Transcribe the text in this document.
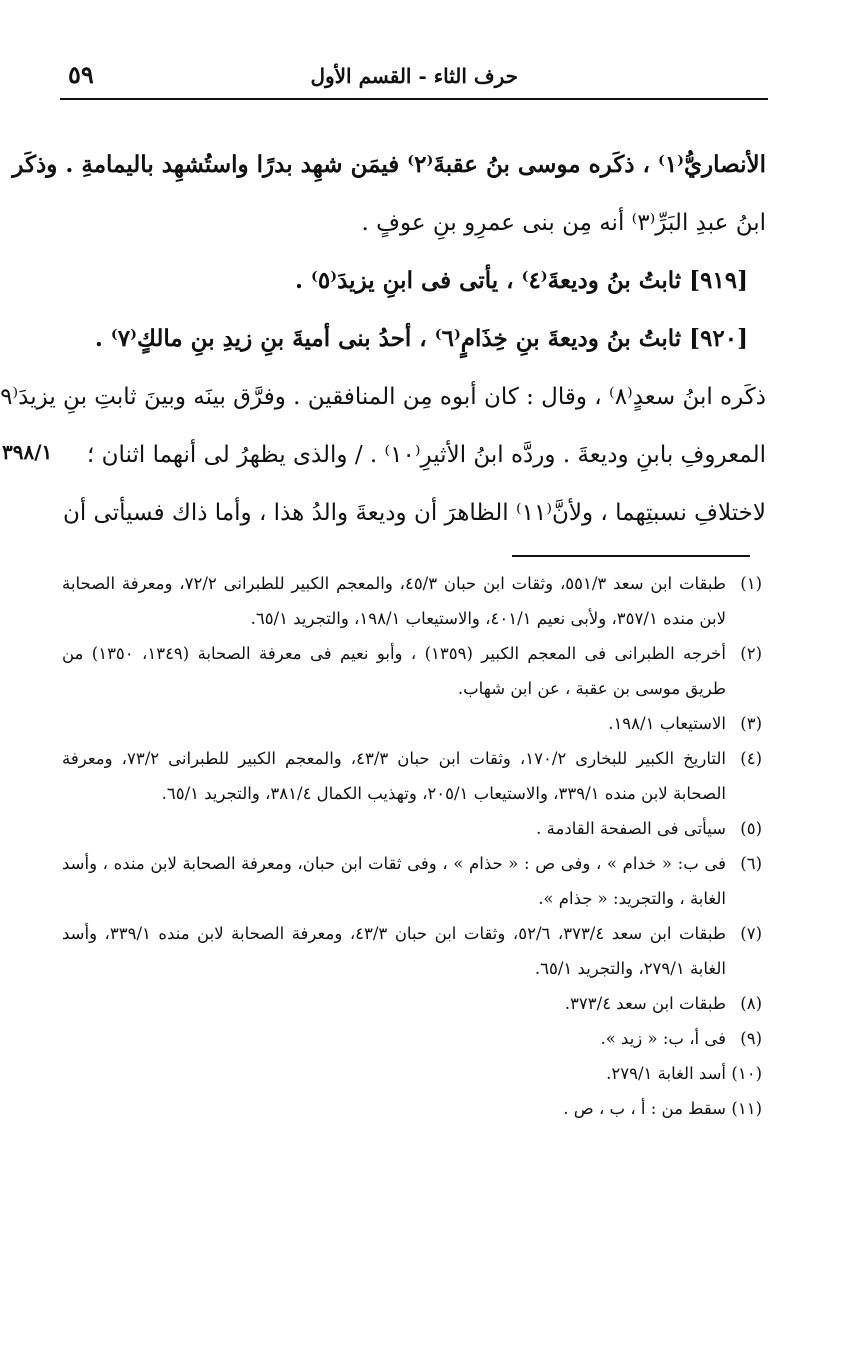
٥٩	حرف الثاء - القسم الأول
الأنصاريُّ⁽١⁾ ، ذكَره موسى بنُ عقبةَ⁽٢⁾ فيمَن شهِد بدرًا واستُشهِد باليمامةِ . وذكَر
ابنُ عبدِ البَرِّ⁽٣⁾ أنه مِن بنى عمرِو بنِ عوفٍ .
[٩١٩] ثابتُ بنُ وديعةَ⁽٤⁾ ، يأتى فى ابنِ يزيدَ⁽٥⁾ .
[٩٢٠] ثابتُ بنُ وديعةَ بنِ خِذَامٍ⁽٦⁾ ، أحدُ بنى أميةَ بنِ زيدِ بنِ مالكٍ⁽٧⁾ .
ذكَره ابنُ سعدٍ⁽٨⁾ ، وقال : كان أبوه مِن المنافقين . وفرَّق بينَه وبينَ ثابتِ بنِ يزيدَ⁽٩
المعروفِ بابنِ وديعةَ . وردَّه ابنُ الأثيرِ⁽١٠⁾ . / والذى يظهرُ لى أنهما اثنان ؛
لاختلافِ نسبتِهما ، ولأنَّ⁽١١⁾ الظاهرَ أن وديعةَ والدُ هذا ، وأما ذاك فسيأتى أن
٣٩٨/١
(١)
طبقات ابن سعد ٥٥١/٣، وثقات ابن حبان ٤٥/٣، والمعجم الكبير للطبرانى ٧٢/٢، ومعرفة الصحابة لابن منده ٣٥٧/١، ولأبى نعيم ٤٠١/١، والاستيعاب ١٩٨/١، والتجريد ٦٥/١.
(٢)
أخرجه الطبرانى فى المعجم الكبير (١٣٥٩) ، وأبو نعيم فى معرفة الصحابة (١٣٤٩، ١٣٥٠) من طريق موسى بن عقبة ، عن ابن شهاب.
(٣)
الاستيعاب ١٩٨/١.
(٤)
التاريخ الكبير للبخارى ١٧٠/٢، وثقات ابن حبان ٤٣/٣، والمعجم الكبير للطبرانى ٧٣/٢، ومعرفة الصحابة لابن منده ٣٣٩/١، والاستيعاب ٢٠٥/١، وتهذيب الكمال ٣٨١/٤، والتجريد ٦٥/١.
(٥)
سيأتى فى الصفحة القادمة .
(٦)
فى ب: « خدام » ، وفى ص : « حذام » ، وفى ثقات ابن حبان، ومعرفة الصحابة لابن منده ، وأسد الغابة ، والتجريد: « جذام ».
(٧)
طبقات ابن سعد ٣٧٣/٤، ٥٢/٦، وثقات ابن حبان ٤٣/٣، ومعرفة الصحابة لابن منده ٣٣٩/١، وأسد الغابة ٢٧٩/١، والتجريد ٦٥/١.
(٨)
طبقات ابن سعد ٣٧٣/٤.
(٩)
فى أ، ب: « زيد ».
(١٠)
أسد الغابة ٢٧٩/١.
(١١)
سقط من : أ ، ب ، ص .
